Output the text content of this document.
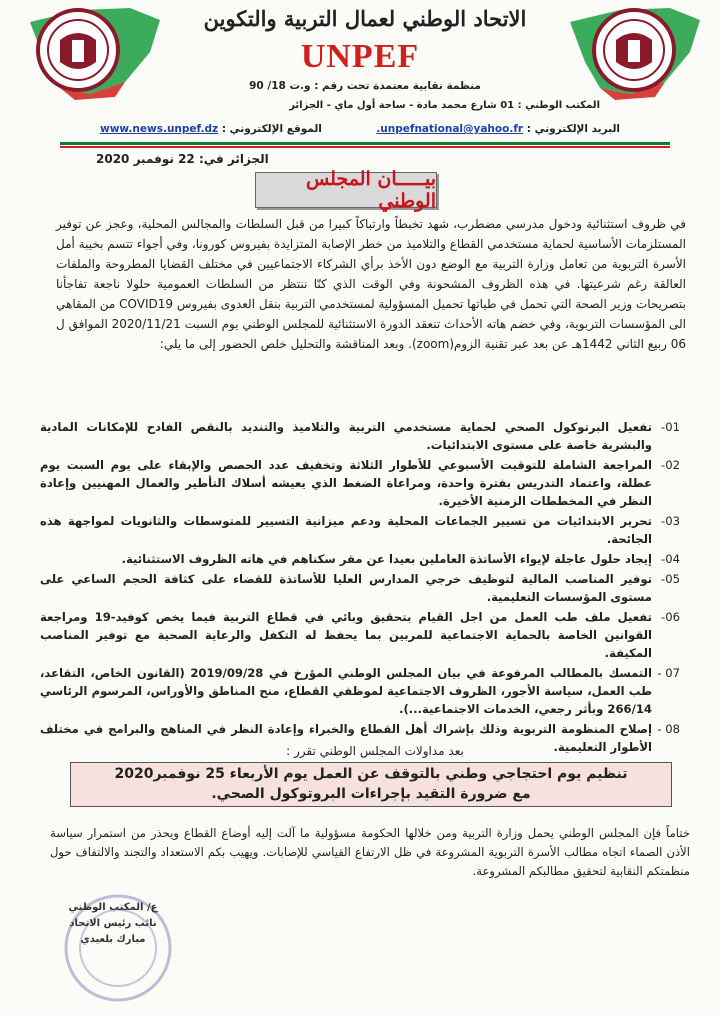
الاتحاد الوطني لعمال التربية والتكوين
UNPEF
منظمة نقابية معتمدة تحت رقم : و.ت 18/ 90
المكتب الوطني : 01 شارع محمد مادة - ساحة أول ماي - الجزائر
البريد الإلكتروني : unpefnational@yahoo.fr.
الموقع الإلكتروني : www.news.unpef.dz
الجزائر في: 22 نوفمبر 2020
بيـــــان المجلس الوطني
في ظروف استثنائية ودخول مدرسي مضطرب، شهد تخبطاً وارتباكاً كبيرا من قبل السلطات والمجالس المحلية، وعجز عن توفير المستلزمات الأساسية لحماية مستخدمي القطاع والتلاميذ من خطر الإصابة المتزايدة بفيروس كورونا، وفي أجواء تتسم بخيبة أمل الأسرة التربوية من تعامل وزارة التربية مع الوضع دون الأخذ برأي الشركاء الاجتماعيين في مختلف القضايا المطروحة والملفات العالقة رغم شرعيتها. في هذه الظروف المشحونة وفي الوقت الذي كنّا ننتظر من السلطات العمومية حلولا ناجعة تفاجأنا بتصريحات وزير الصحة التي تحمل في طياتها تحميل المسؤولية لمستخدمي التربية بنقل العدوى بفيروس COVID19 من المقاهي الى المؤسسات التربوية، وفي خضم هاته الأحداث تنعقد الدورة الاستثنائية للمجلس الوطني يوم السبت 2020/11/21 الموافق ل 06 ربيع الثاني 1442هـ عن بعد عبر تقنية الزوم(zoom). وبعد المناقشة والتحليل خلص الحضور إلى ما يلي:
01-
تفعيل البرتوكول الصحي لحماية مستخدمي التربية والتلاميذ والتنديد بالنقص الفادح للإمكانات المادية والبشرية خاصة على مستوى الابتدائيات.
02-
المراجعة الشاملة للتوقيت الأسبوعي للأطوار الثلاثة وتخفيف عدد الحصص والإبقاء على يوم السبت يوم عطلة، واعتماد التدريس بفترة واحدة، ومراعاة الضغط الذي يعيشه أسلاك التأطير والعمال المهنيين وإعادة النظر في المخططات الزمنية الأخيرة.
03-
تحرير الابتدائيات من تسيير الجماعات المحلية ودعم ميزانية التسيير للمتوسطات والثانويات لمواجهة هذه الجائحة.
04-
إيجاد حلول عاجلة لإيواء الأساتذة العاملين بعيدا عن مقر سكناهم في هاته الظروف الاستثنائية.
05-
توفير المناصب المالية لتوظيف خرجي المدارس العليا للأساتذة للقضاء على كثافة الحجم الساعي على مستوى المؤسسات التعليمية.
06-
تفعيل ملف طب العمل من اجل القيام بتحقيق وبائي في قطاع التربية فيما يخص كوفيد-19 ومراجعة القوانين الخاصة بالحماية الاجتماعية للمربين بما يحفظ له التكفل والرعاية الصحية مع توفير المناصب المكيفة.
07 -
التمسك بالمطالب المرفوعة في بيان المجلس الوطني المؤرخ في 2019/09/28 (القانون الخاص، التقاعد، طب العمل، سياسة الأجور، الظروف الاجتماعية لموظفي القطاع، منح المناطق والأوراس، المرسوم الرئاسي 266/14 وبأثر رجعي، الخدمات الاجتماعية...).
08 -
إصلاح المنظومة التربوية وذلك بإشراك أهل القطاع والخبراء وإعادة النظر في المناهج والبرامج في مختلف الأطوار التعليمية.
بعد مداولات المجلس الوطني تقرر :
تنظيم يوم احتجاجي وطني بالتوقف عن العمل يوم الأربعاء 25 نوفمبر2020
مع ضرورة التقيد بإجراءات البروتوكول الصحي.
ختاماً فإن المجلس الوطني يحمل وزارة التربية ومن خلالها الحكومة مسؤولية ما آلت إليه أوضاع القطاع ويحذر من استمرار سياسة الأذن الصماء اتجاه مطالب الأسرة التربوية المشروعة في ظل الارتفاع القياسي للإصابات. ويهيب بكم الاستعداد والتجند والالتفاف حول منظمتكم النقابية لتحقيق مطالبكم المشروعة.
ع/ المكتب الوطني
نائب رئيس الاتحاد
مبارك بلعيدي
